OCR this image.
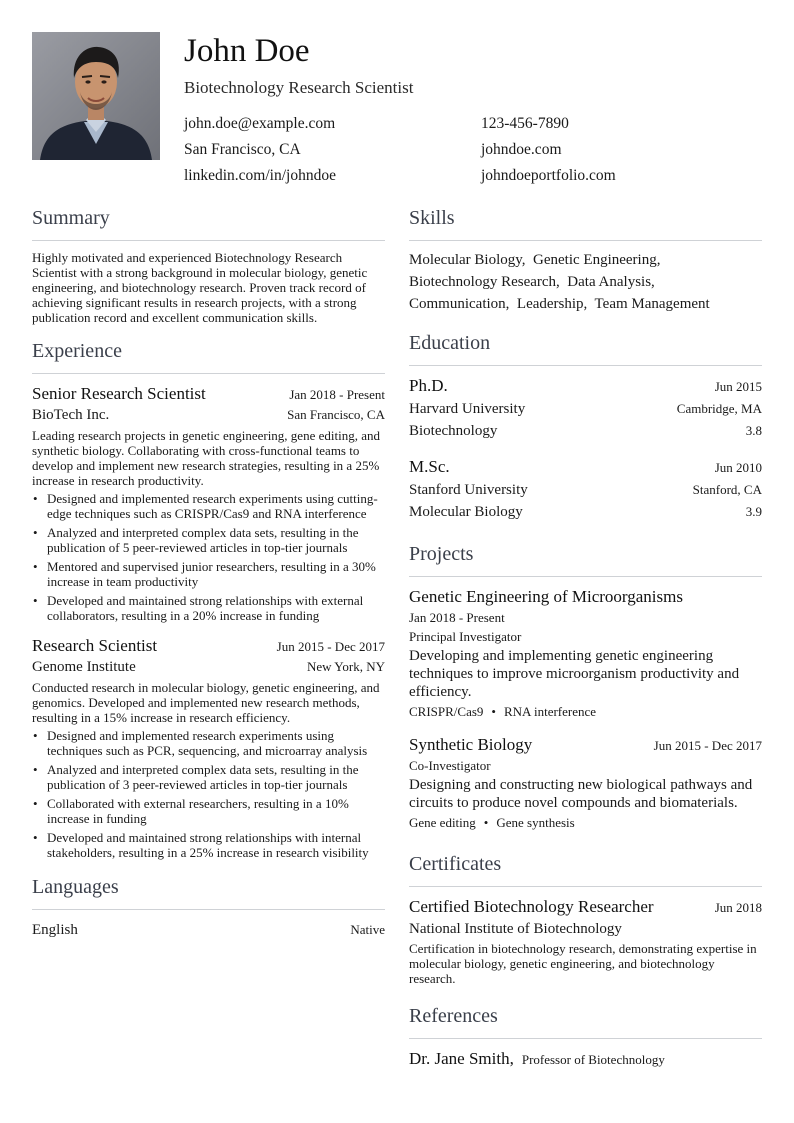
John Doe
Biotechnology Research Scientist
john.doe@example.com	123-456-7890
San Francisco, CA	johndoe.com
linkedin.com/in/johndoe	johndoeportfolio.com
Summary
Highly motivated and experienced Biotechnology Research Scientist with a strong background in molecular biology, genetic engineering, and biotechnology research. Proven track record of achieving significant results in research projects, with a strong publication record and excellent communication skills.
Experience
Senior Research Scientist	Jan 2018 - Present
BioTech Inc.	San Francisco, CA
Leading research projects in genetic engineering, gene editing, and synthetic biology. Collaborating with cross-functional teams to develop and implement new research strategies, resulting in a 25% increase in research productivity.
• Designed and implemented research experiments using cutting-edge techniques such as CRISPR/Cas9 and RNA interference
• Analyzed and interpreted complex data sets, resulting in the publication of 5 peer-reviewed articles in top-tier journals
• Mentored and supervised junior researchers, resulting in a 30% increase in team productivity
• Developed and maintained strong relationships with external collaborators, resulting in a 20% increase in funding
Research Scientist	Jun 2015 - Dec 2017
Genome Institute	New York, NY
Conducted research in molecular biology, genetic engineering, and genomics. Developed and implemented new research methods, resulting in a 15% increase in research efficiency.
• Designed and implemented research experiments using techniques such as PCR, sequencing, and microarray analysis
• Analyzed and interpreted complex data sets, resulting in the publication of 3 peer-reviewed articles in top-tier journals
• Collaborated with external researchers, resulting in a 10% increase in funding
• Developed and maintained strong relationships with internal stakeholders, resulting in a 25% increase in research visibility
Languages
English	Native
Skills
Molecular Biology, Genetic Engineering,
Biotechnology Research, Data Analysis,
Communication, Leadership, Team Management
Education
Ph.D.	Jun 2015
Harvard University	Cambridge, MA
Biotechnology	3.8
M.Sc.	Jun 2010
Stanford University	Stanford, CA
Molecular Biology	3.9
Projects
Genetic Engineering of Microorganisms
Jan 2018 - Present
Principal Investigator
Developing and implementing genetic engineering techniques to improve microorganism productivity and efficiency.
CRISPR/Cas9 • RNA interference
Synthetic Biology	Jun 2015 - Dec 2017
Co-Investigator
Designing and constructing new biological pathways and circuits to produce novel compounds and biomaterials.
Gene editing • Gene synthesis
Certificates
Certified Biotechnology Researcher	Jun 2018
National Institute of Biotechnology
Certification in biotechnology research, demonstrating expertise in molecular biology, genetic engineering, and biotechnology research.
References
Dr. Jane Smith, Professor of Biotechnology
